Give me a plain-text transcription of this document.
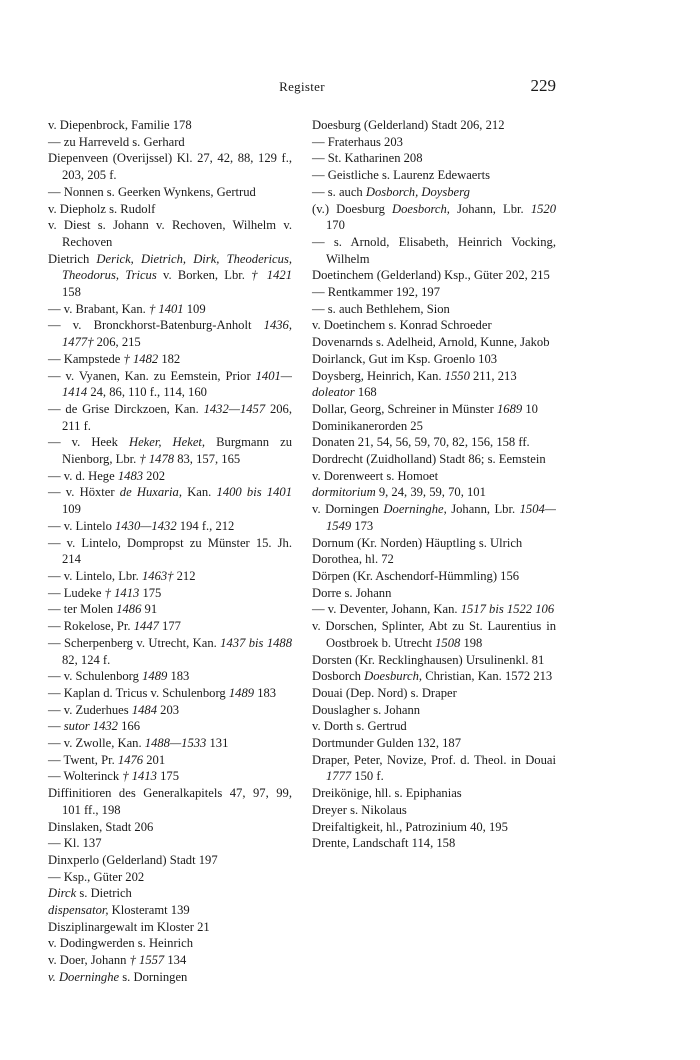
Register	229

v. Diepenbrock, Familie 178

— zu Harreveld s. Gerhard

Diepenveen (Overijssel) Kl. 27, 42, 88, 129 f., 203, 205 f.

— Nonnen s. Geerken Wynkens, Gertrud

v. Diepholz s. Rudolf

v. Diest s. Johann v. Rechoven, Wilhelm v. Rechoven

Dietrich Derick, Dietrich, Dirk, Theodericus, Theodorus, Tricus v. Borken, Lbr. † 1421 158

— v. Brabant, Kan. † 1401 109

— v. Bronckhorst-Batenburg-Anholt 1436, 1477† 206, 215

— Kampstede † 1482 182

— v. Vyanen, Kan. zu Eemstein, Prior 1401—1414 24, 86, 110 f., 114, 160

— de Grise Dirckzoen, Kan. 1432—1457 206, 211 f.

— v. Heek Heker, Heket, Burgmann zu Nienborg, Lbr. † 1478 83, 157, 165

— v. d. Hege 1483 202

— v. Höxter de Huxaria, Kan. 1400 bis 1401 109

— v. Lintelo 1430—1432 194 f., 212

— v. Lintelo, Dompropst zu Münster 15. Jh. 214

— v. Lintelo, Lbr. 1463† 212

— Ludeke † 1413 175

— ter Molen 1486 91

— Rokelose, Pr. 1447 177

— Scherpenberg v. Utrecht, Kan. 1437 bis 1488 82, 124 f.

— v. Schulenborg 1489 183

— Kaplan d. Tricus v. Schulenborg 1489 183

— v. Zuderhues 1484 203

— sutor 1432 166

— v. Zwolle, Kan. 1488—1533 131

— Twent, Pr. 1476 201

— Wolterinck † 1413 175

Diffinitioren des Generalkapitels 47, 97, 99, 101 ff., 198

Dinslaken, Stadt 206

— Kl. 137

Dinxperlo (Gelderland) Stadt 197

— Ksp., Güter 202

Dirck s. Dietrich

dispensator, Klosteramt 139

Disziplinargewalt im Kloster 21

v. Dodingwerden s. Heinrich

v. Doer, Johann † 1557 134

v. Doerninghe s. Dorningen

Doesburg (Gelderland) Stadt 206, 212

— Fraterhaus 203

— St. Katharinen 208

— Geistliche s. Laurenz Edewaerts

— s. auch Dosborch, Doysberg

(v.) Doesburg Doesborch, Johann, Lbr. 1520 170

— s. Arnold, Elisabeth, Heinrich Vocking, Wilhelm

Doetinchem (Gelderland) Ksp., Güter 202, 215

— Rentkammer 192, 197

— s. auch Bethlehem, Sion

v. Doetinchem s. Konrad Schroeder

Dovenarnds s. Adelheid, Arnold, Kunne, Jakob

Doirlanck, Gut im Ksp. Groenlo 103

Doysberg, Heinrich, Kan. 1550 211, 213

doleator 168

Dollar, Georg, Schreiner in Münster 1689 10

Dominikanerorden 25

Donaten 21, 54, 56, 59, 70, 82, 156, 158 ff.

Dordrecht (Zuidholland) Stadt 86; s. Eemstein

v. Dorenweert s. Homoet

dormitorium 9, 24, 39, 59, 70, 101

v. Dorningen Doerninghe, Johann, Lbr. 1504—1549 173

Dornum (Kr. Norden) Häuptling s. Ulrich

Dorothea, hl. 72

Dörpen (Kr. Aschendorf-Hümmling) 156

Dorre s. Johann

— v. Deventer, Johann, Kan. 1517 bis 1522 106

v. Dorschen, Splinter, Abt zu St. Laurentius in Oostbroek b. Utrecht 1508 198

Dorsten (Kr. Recklinghausen) Ursulinenkl. 81

Dosborch Doesburch, Christian, Kan. 1572 213

Douai (Dep. Nord) s. Draper

Douslagher s. Johann

v. Dorth s. Gertrud

Dortmunder Gulden 132, 187

Draper, Peter, Novize, Prof. d. Theol. in Douai 1777 150 f.

Dreikönige, hll. s. Epiphanias

Dreyer s. Nikolaus

Dreifaltigkeit, hl., Patrozinium 40, 195

Drente, Landschaft 114, 158
